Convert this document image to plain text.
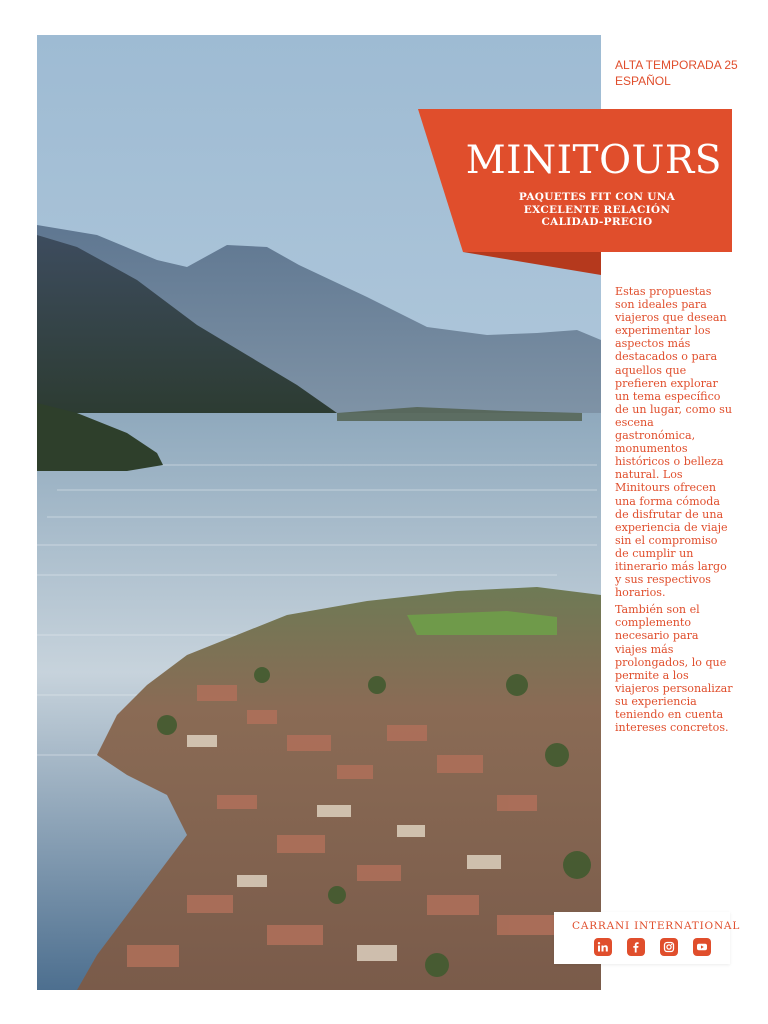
ALTA TEMPORADA 25
ESPAÑOL
MINITOURS
PAQUETES FIT CON UNA
EXCELENTE RELACIÓN
CALIDAD-PRECIO

Estas propuestas son ideales para viajeros que desean experimentar los aspectos más destacados o para aquellos que prefieren explorar un tema específico de un lugar, como su escena gastronómica, monumentos históricos o belleza natural. Los Minitours ofrecen una forma cómoda de disfrutar de una experiencia de viaje sin el compromiso de cumplir un itinerario más largo y sus respectivos horarios.

También son el complemento necesario para viajes más prolongados, lo que permite a los viajeros personalizar su experiencia teniendo en cuenta intereses concretos.

CARRANI INTERNATIONAL
